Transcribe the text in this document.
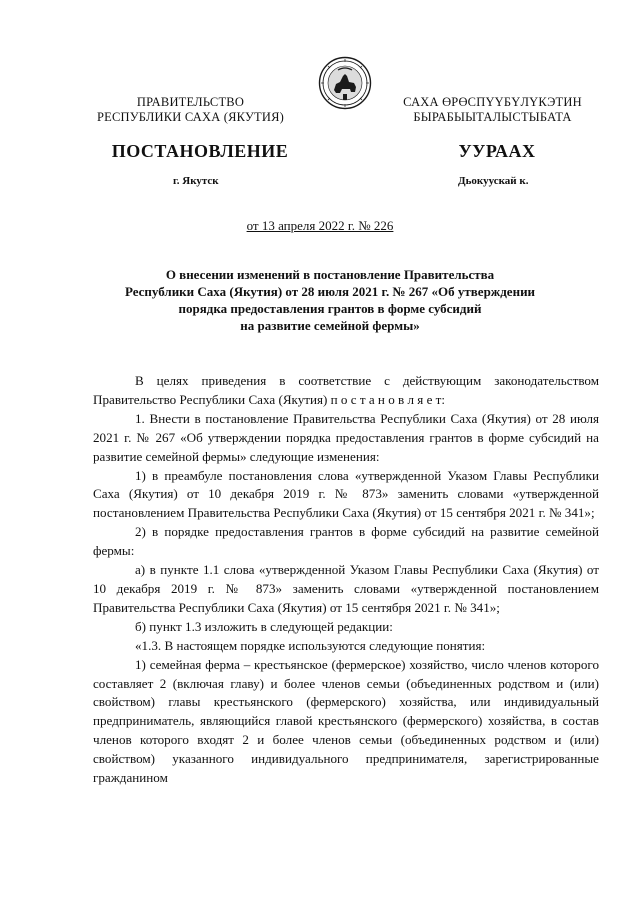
ПРАВИТЕЛЬСТВО
РЕСПУБЛИКИ САХА (ЯКУТИЯ)
САХА ӨРӨСПҮҮБҮЛҮКЭТИН
БЫРАБЫЫТАЛЫСТЫБАТА
ПОСТАНОВЛЕНИЕ	УУРААХ
г. Якутск	Дьокуускай к.
от 13 апреля 2022 г. № 226
О внесении изменений в постановление Правительства
Республики Саха (Якутия) от 28 июля 2021 г. № 267 «Об утверждении
порядка предоставления грантов в форме субсидий
на развитие семейной фермы»

В целях приведения в соответствие с действующим законодательством Правительство Республики Саха (Якутия) п о с т а н о в л я е т:

1. Внести в постановление Правительства Республики Саха (Якутия) от 28 июля 2021 г. № 267 «Об утверждении порядка предоставления грантов в форме субсидий на развитие семейной фермы» следующие изменения:

1) в преамбуле постановления слова «утвержденной Указом Главы Республики Саха (Якутия) от 10 декабря 2019 г. № 873» заменить словами «утвержденной постановлением Правительства Республики Саха (Якутия) от 15 сентября 2021 г. № 341»;

2) в порядке предоставления грантов в форме субсидий на развитие семейной фермы:

а) в пункте 1.1 слова «утвержденной Указом Главы Республики Саха (Якутия) от 10 декабря 2019 г. № 873» заменить словами «утвержденной постановлением Правительства Республики Саха (Якутия) от 15 сентября 2021 г. № 341»;

б) пункт 1.3 изложить в следующей редакции:

«1.3. В настоящем порядке используются следующие понятия:

1) семейная ферма – крестьянское (фермерское) хозяйство, число членов которого составляет 2 (включая главу) и более членов семьи (объединенных родством и (или) свойством) главы крестьянского (фермерского) хозяйства, или индивидуальный предприниматель, являющийся главой крестьянского (фермерского) хозяйства, в состав членов которого входят 2 и более членов семьи (объединенных родством и (или) свойством) указанного индивидуального предпринимателя, зарегистрированные гражданином
